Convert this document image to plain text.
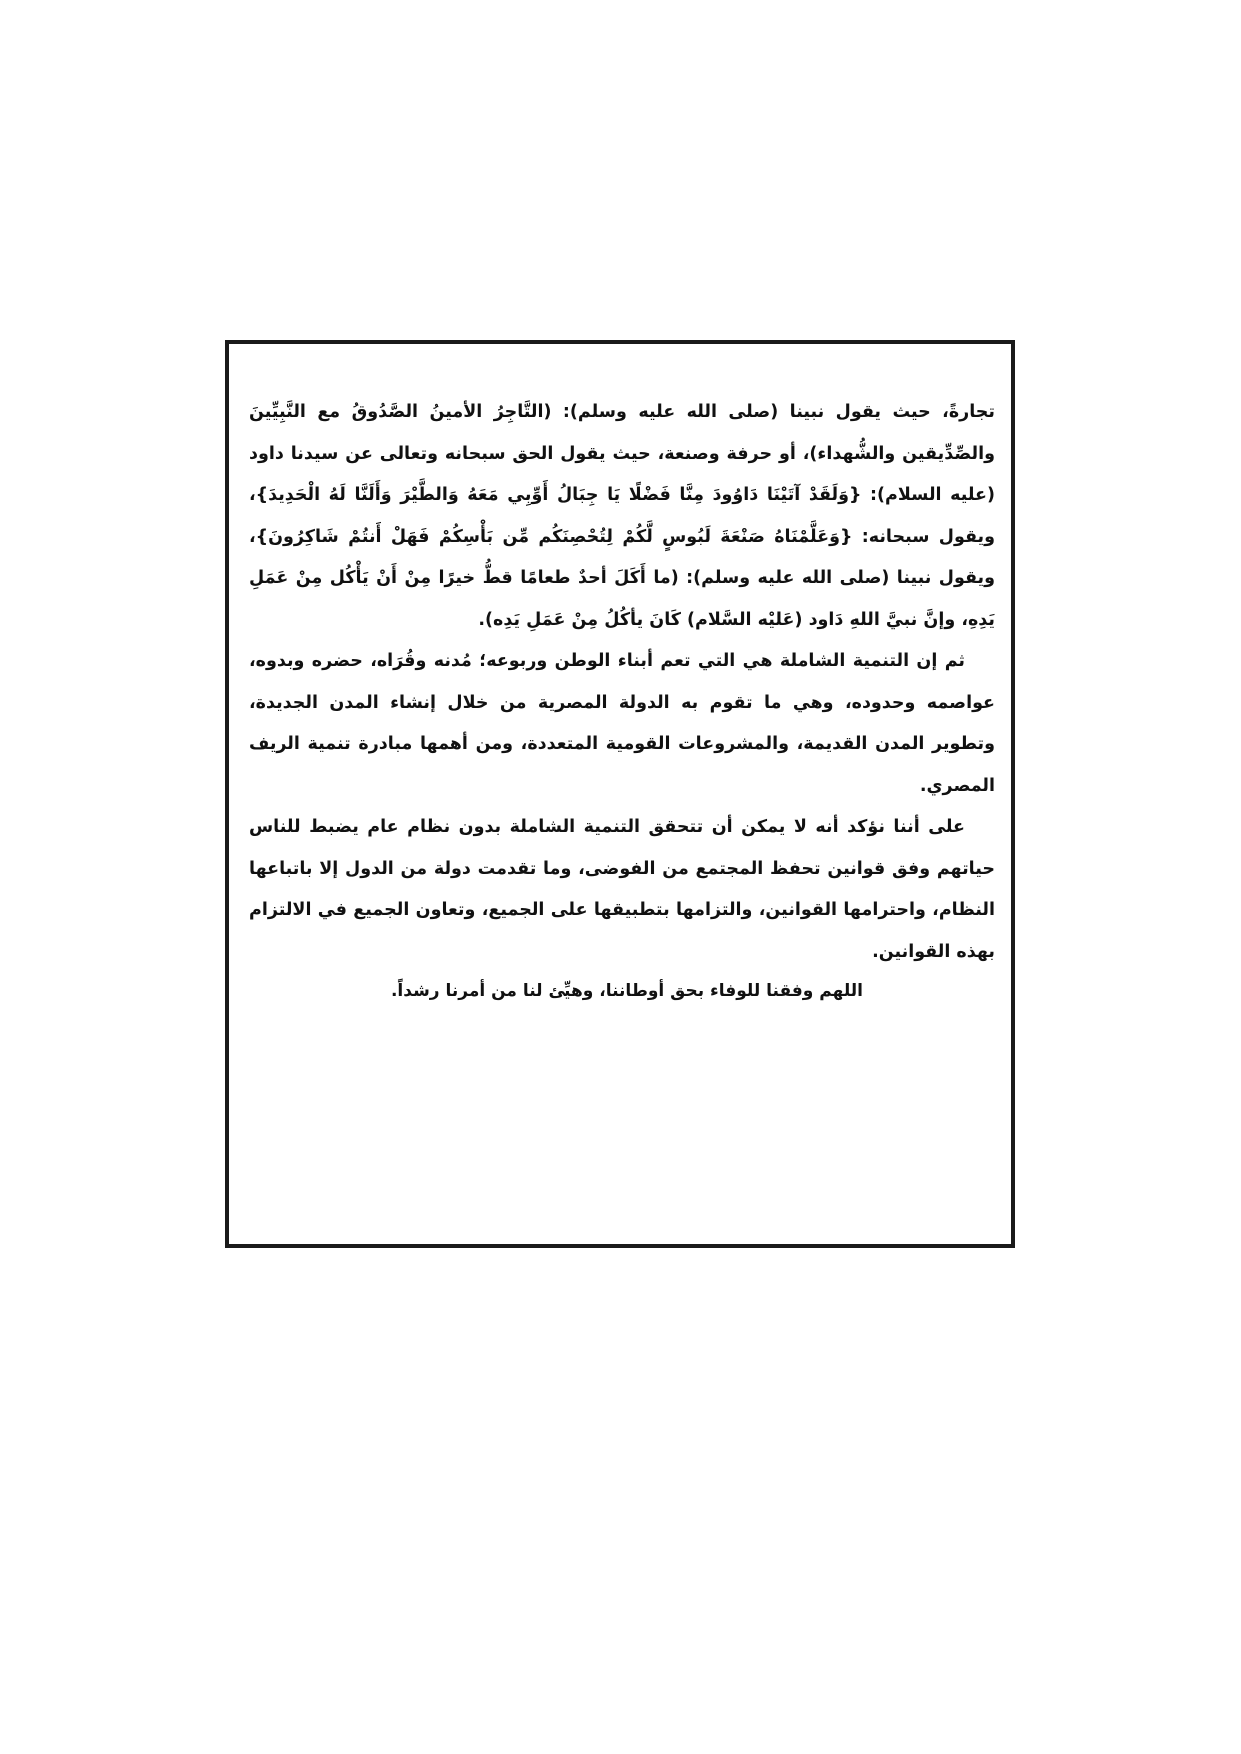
تجارةً، حيث يقول نبينا (صلى الله عليه وسلم): (التَّاجِرُ الأمينُ الصَّدُوقُ مع النَّبِيِّينَ والصِّدِّيقين والشُّهداء)، أو حرفة وصنعة، حيث يقول الحق سبحانه وتعالى عن سيدنا داود (عليه السلام): {وَلَقَدْ آتَيْنَا دَاوُودَ مِنَّا فَضْلًا يَا جِبَالُ أَوِّبِي مَعَهُ وَالطَّيْرَ وَأَلَنَّا لَهُ الْحَدِيدَ}، ويقول سبحانه: {وَعَلَّمْنَاهُ صَنْعَةَ لَبُوسٍ لَّكُمْ لِتُحْصِنَكُم مِّن بَأْسِكُمْ فَهَلْ أَنتُمْ شَاكِرُونَ}، ويقول نبينا (صلى الله عليه وسلم): (ما أَكَلَ أحدٌ طعامًا قطُّ خيرًا مِنْ أَنْ يَأْكُل مِنْ عَمَلِ يَدِهِ، وإنَّ نبيَّ اللهِ دَاود (عَليْه السَّلام) كَانَ يأكُلُ مِنْ عَمَلِ يَدِه).

ثم إن التنمية الشاملة هي التي تعم أبناء الوطن وربوعه؛ مُدنه وقُرَاه، حضره وبدوه، عواصمه وحدوده، وهي ما تقوم به الدولة المصرية من خلال إنشاء المدن الجديدة، وتطوير المدن القديمة، والمشروعات القومية المتعددة، ومن أهمها مبادرة تنمية الريف المصري.

على أننا نؤكد أنه لا يمكن أن تتحقق التنمية الشاملة بدون نظام عام يضبط للناس حياتهم وفق قوانين تحفظ المجتمع من الفوضى، وما تقدمت دولة من الدول إلا باتباعها النظام، واحترامها القوانين، والتزامها بتطبيقها على الجميع، وتعاون الجميع في الالتزام بهذه القوانين.

اللهم وفقنا للوفاء بحق أوطاننا، وهيِّئ لنا من أمرنا رشداً.
